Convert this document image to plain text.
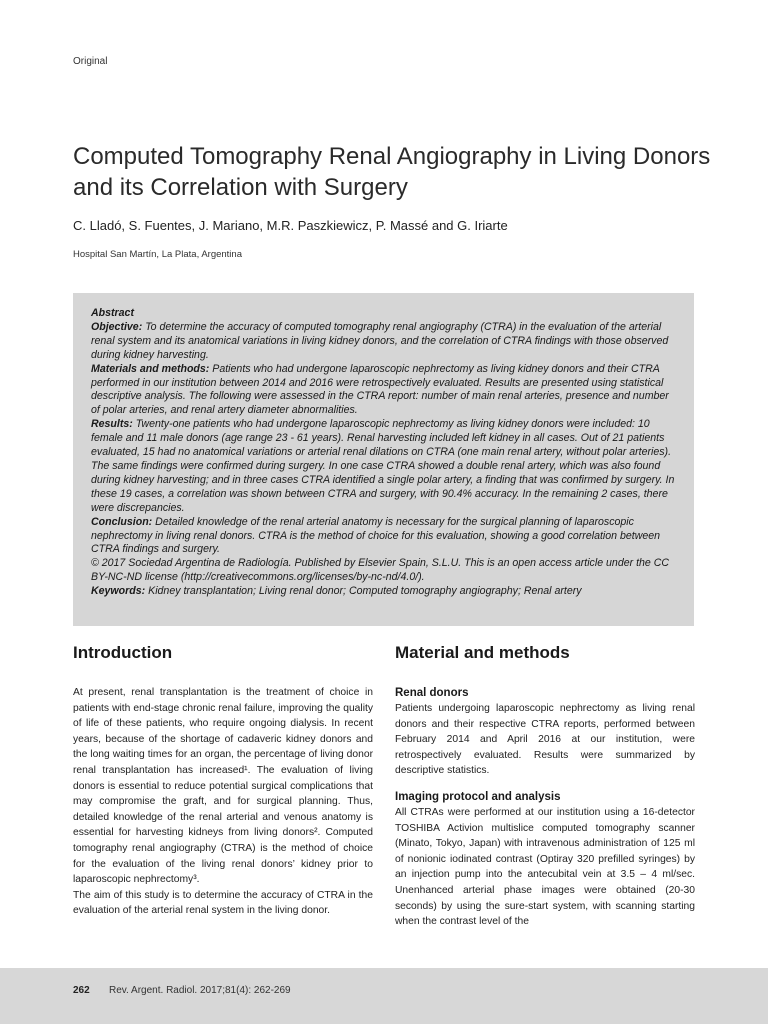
Original
Computed Tomography Renal Angiography in Living Donors and its Correlation with Surgery
C. Lladó, S. Fuentes, J. Mariano, M.R. Paszkiewicz, P. Massé and G. Iriarte
Hospital San Martín, La Plata, Argentina

Abstract

Objective: To determine the accuracy of computed tomography renal angiography (CTRA) in the evaluation of the arterial renal system and its anatomical variations in living kidney donors, and the correlation of CTRA findings with those observed during kidney harvesting.

Materials and methods: Patients who had undergone laparoscopic nephrectomy as living kidney donors and their CTRA performed in our institution between 2014 and 2016 were retrospectively evaluated. Results are presented using statistical descriptive analysis. The following were assessed in the CTRA report: number of main renal arteries, presence and number of polar arteries, and renal artery diameter abnormalities.

Results: Twenty-one patients who had undergone laparoscopic nephrectomy as living kidney donors were included: 10 female and 11 male donors (age range 23 - 61 years). Renal harvesting included left kidney in all cases. Out of 21 patients evaluated, 15 had no anatomical variations or arterial renal dilations on CTRA (one main renal artery, without polar arteries). The same findings were confirmed during surgery. In one case CTRA showed a double renal artery, which was also found during kidney harvesting; and in three cases CTRA identified a single polar artery, a finding that was confirmed by surgery. In these 19 cases, a correlation was shown between CTRA and surgery, with 90.4% accuracy. In the remaining 2 cases, there were discrepancies.

Conclusion: Detailed knowledge of the renal arterial anatomy is necessary for the surgical planning of laparoscopic nephrectomy in living renal donors. CTRA is the method of choice for this evaluation, showing a good correlation between CTRA findings and surgery.

© 2017 Sociedad Argentina de Radiología. Published by Elsevier Spain, S.L.U. This is an open access article under the CC BY-NC-ND license (http://creativecommons.org/licenses/by-nc-nd/4.0/).

Keywords: Kidney transplantation; Living renal donor; Computed tomography angiography; Renal artery

Introduction

At present, renal transplantation is the treatment of choice in patients with end-stage chronic renal failure, improving the quality of life of these patients, who require ongoing dialysis. In recent years, because of the shortage of cadaveric kidney donors and the long waiting times for an organ, the percentage of living donor renal transplantation has increased¹. The evaluation of living donors is essential to reduce potential surgical complications that may compromise the graft, and for surgical planning. Thus, detailed knowledge of the renal arterial and venous anatomy is essential for harvesting kidneys from living donors². Computed tomography renal angiography (CTRA) is the method of choice for the evaluation of the living renal donors’ kidney prior to laparoscopic nephrectomy³.

The aim of this study is to determine the accuracy of CTRA in the evaluation of the arterial renal system in the living donor.

Material and methods
Renal donors

Patients undergoing laparoscopic nephrectomy as living renal donors and their respective CTRA reports, performed between February 2014 and April 2016 at our institution, were retrospectively evaluated. Results were summarized by descriptive statistics.

Imaging protocol and analysis

All CTRAs were performed at our institution using a 16-detector TOSHIBA Activion multislice computed tomography scanner (Minato, Tokyo, Japan) with intravenous administration of 125 ml of nonionic iodinated contrast (Optiray 320 prefilled syringes) by an injection pump into the antecubital vein at 3.5 – 4 ml/sec. Unenhanced arterial phase images were obtained (20-30 seconds) by using the sure-start system, with scanning starting when the contrast level of the

262 Rev. Argent. Radiol. 2017;81(4): 262-269
